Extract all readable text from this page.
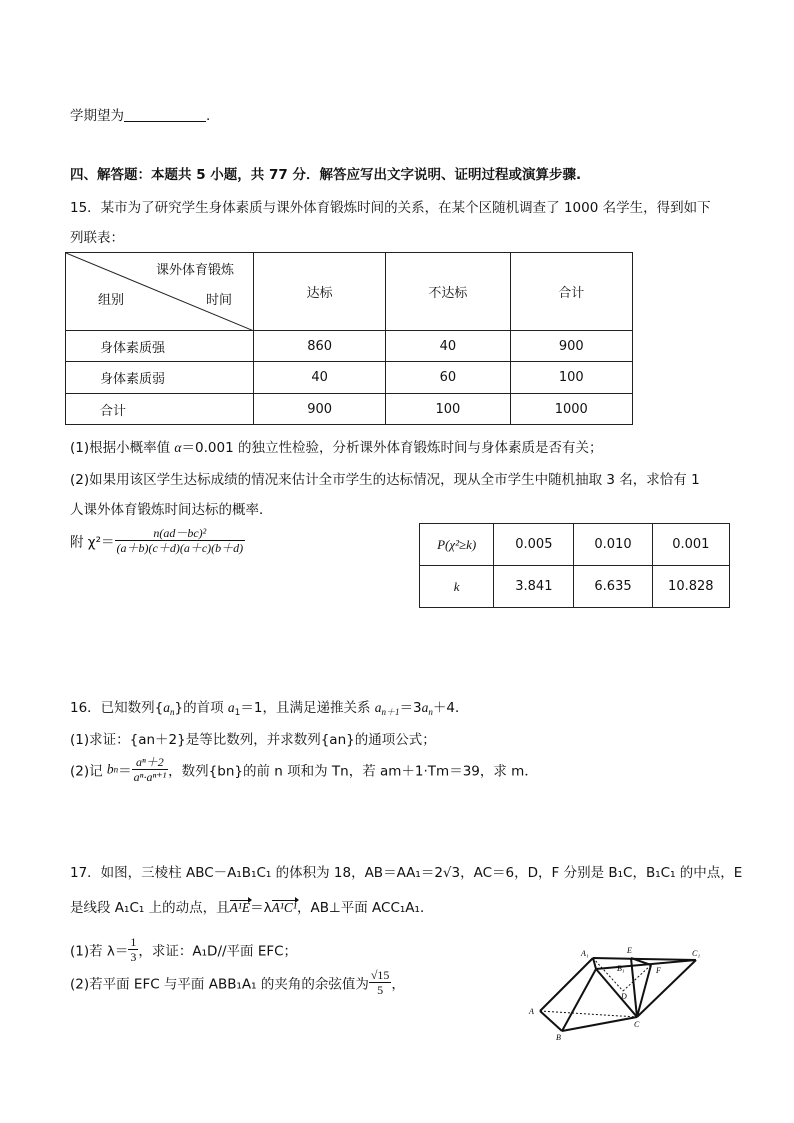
学期望为	.
四、解答题：本题共 5 小题，共 77 分．解答应写出文字说明、证明过程或演算步骤.
15．某市为了研究学生身体素质与课外体育锻炼时间的关系，在某个区随机调查了 1000 名学生，得到如下
列联表：
课外体育锻炼
时间
组别	达标	不达标	合计
身体素质强	860	40	900
身体素质弱	40	60	100
合计	900	100	1000
(1)根据小概率值 α＝0.001 的独立性检验，分析课外体育锻炼时间与身体素质是否有关；
(2)如果用该区学生达标成绩的情况来估计全市学生的达标情况，现从全市学生中随机抽取 3 名，求恰有 1
人课外体育锻炼时间达标的概率．
附 $\chi^2= \frac{\text{n(ad－bc)²}}{(a+b)(c+d)(a+c)(b+d)}$	P(χ²≥k)	0.005	0.010	0.001
k	3.841	6.635	10.828
16．已知数列$\{a_n\}$的首项 $a_1=1$，且满足递推关系 $a_{n+1}=3a_n+4$．
(1)求证：{an＋2}是等比数列，并求数列{an}的通项公式；
(2)记 $bn= \frac{\text{aⁿ＋2}}{\text{aⁿ·aⁿ⁺¹}}$ ，数列{bn}的前 n 项和为 Tn，若 am＋1·Tm＝39，求 m．
17．如图，三棱柱 ABC－A₁B₁C₁ 的体积为 18，AB＝AA₁＝2√3，AC＝6，D，F 分别是 B₁C，B₁C₁ 的中点，E
是线段 A₁C₁ 上的动点，且A¹E＝λA¹C¹，AB⊥平面 ACC₁A₁．
(1)若 $\lambda= \frac{1}{3}$ ，求证：A₁D//平面 EFC；
(2)若平面 EFC 与平面 ABB₁A₁ 的夹角的余弦值为 $\frac{√15}{5}$ ，
A₁	E	C₁
B₁	F
D
A
C
B
